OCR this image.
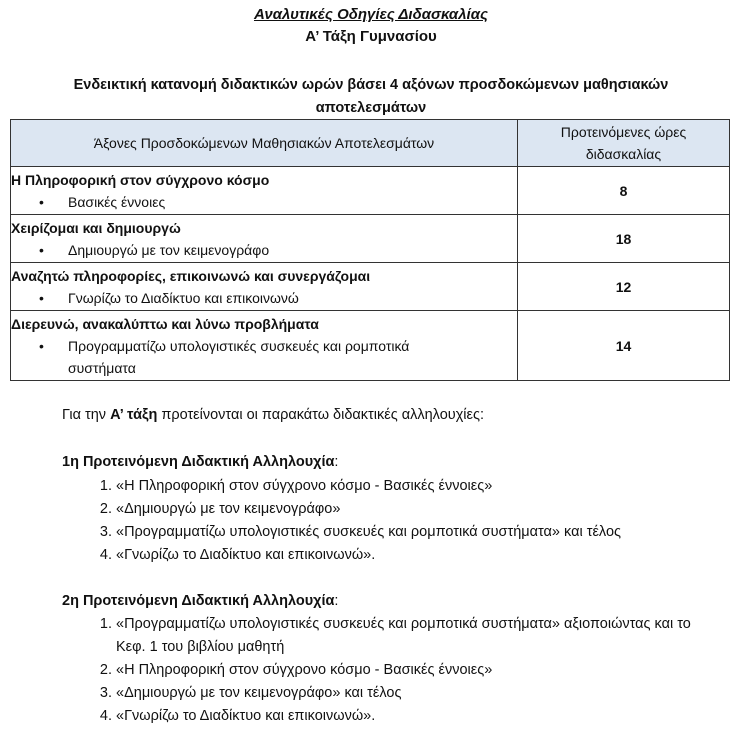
Αναλυτικές Οδηγίες Διδασκαλίας
Α’ Τάξη Γυμνασίου
Ενδεικτική κατανομή διδακτικών ωρών βάσει 4 αξόνων προσδοκώμενων μαθησιακών αποτελεσμάτων
Άξονες Προσδοκώμενων Μαθησιακών Αποτελεσμάτων	Προτεινόμενες ώρες διδασκαλίας

Η Πληροφορική στον σύγχρονο κόσμο
• Βασικές έννοιες	8

Χειρίζομαι και δημιουργώ
• Δημιουργώ με τον κειμενογράφο	18

Αναζητώ πληροφορίες, επικοινωνώ και συνεργάζομαι
• Γνωρίζω το Διαδίκτυο και επικοινωνώ	12

Διερευνώ, ανακαλύπτω και λύνω προβλήματα
• Προγραμματίζω υπολογιστικές συσκευές και ρομποτικά συστήματα	14
Για την Α’ τάξη προτείνονται οι παρακάτω διδακτικές αλληλουχίες:
1η Προτεινόμενη Διδακτική Αλληλουχία:
1. «Η Πληροφορική στον σύγχρονο κόσμο - Βασικές έννοιες»
2. «Δημιουργώ με τον κειμενογράφο»
3. «Προγραμματίζω υπολογιστικές συσκευές και ρομποτικά συστήματα» και τέλος
4. «Γνωρίζω το Διαδίκτυο και επικοινωνώ».
2η Προτεινόμενη Διδακτική Αλληλουχία:
1. «Προγραμματίζω υπολογιστικές συσκευές και ρομποτικά συστήματα» αξιοποιώντας και το Κεφ. 1 του βιβλίου μαθητή
2. «Η Πληροφορική στον σύγχρονο κόσμο - Βασικές έννοιες»
3. «Δημιουργώ με τον κειμενογράφο» και τέλος
4. «Γνωρίζω το Διαδίκτυο και επικοινωνώ».
